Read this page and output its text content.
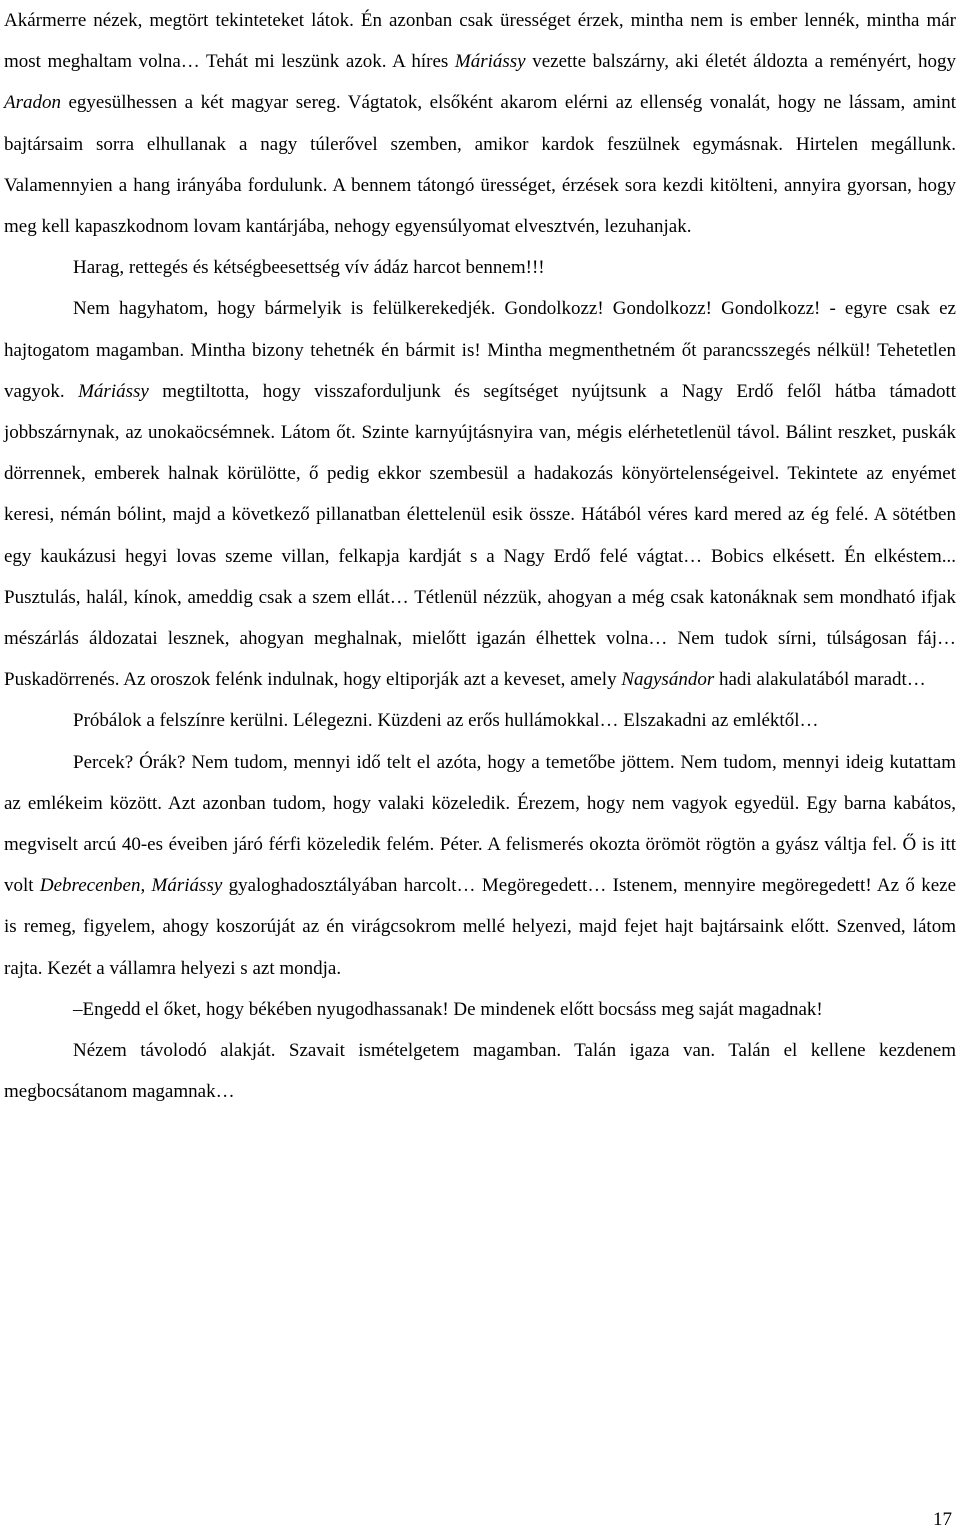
Akármerre nézek, megtört tekinteteket látok. Én azonban csak ürességet érzek, mintha nem is ember lennék, mintha már most meghaltam volna… Tehát mi leszünk azok. A híres Máriássy vezette balszárny, aki életét áldozta a reményért, hogy Aradon egyesülhessen a két magyar sereg. Vágtatok, elsőként akarom elérni az ellenség vonalát, hogy ne lássam, amint bajtársaim sorra elhullanak a nagy túlerővel szemben, amikor kardok feszülnek egymásnak. Hirtelen megállunk. Valamennyien a hang irányába fordulunk. A bennem tátongó ürességet, érzések sora kezdi kitölteni, annyira gyorsan, hogy meg kell kapaszkodnom lovam kantárjába, nehogy egyensúlyomat elvesztvén, lezuhanjak.

Harag, rettegés és kétségbeesettség vív ádáz harcot bennem!!!

Nem hagyhatom, hogy bármelyik is felülkerekedjék. Gondolkozz! Gondolkozz! Gondolkozz! - egyre csak ez hajtogatom magamban. Mintha bizony tehetnék én bármit is! Mintha megmenthetném őt parancsszegés nélkül! Tehetetlen vagyok. Máriássy megtiltotta, hogy visszaforduljunk és segítséget nyújtsunk a Nagy Erdő felől hátba támadott jobbszárnynak, az unokaöcsémnek. Látom őt. Szinte karnyújtásnyira van, mégis elérhetetlenül távol. Bálint reszket, puskák dörrennek, emberek halnak körülötte, ő pedig ekkor szembesül a hadakozás könyörtelenségeivel. Tekintete az enyémet keresi, némán bólint, majd a következő pillanatban élettelenül esik össze. Hátából véres kard mered az ég felé. A sötétben egy kaukázusi hegyi lovas szeme villan, felkapja kardját s a Nagy Erdő felé vágtat… Bobics elkésett. Én elkéstem... Pusztulás, halál, kínok, ameddig csak a szem ellát… Tétlenül nézzük, ahogyan a még csak katonáknak sem mondható ifjak mészárlás áldozatai lesznek, ahogyan meghalnak, mielőtt igazán élhettek volna… Nem tudok sírni, túlságosan fáj… Puskadörrenés. Az oroszok felénk indulnak, hogy eltiporják azt a keveset, amely Nagysándor hadi alakulatából maradt…

Próbálok a felszínre kerülni. Lélegezni. Küzdeni az erős hullámokkal… Elszakadni az emléktől…

Percek? Órák? Nem tudom, mennyi idő telt el azóta, hogy a temetőbe jöttem. Nem tudom, mennyi ideig kutattam az emlékeim között. Azt azonban tudom, hogy valaki közeledik. Érezem, hogy nem vagyok egyedül. Egy barna kabátos, megviselt arcú 40-es éveiben járó férfi közeledik felém. Péter. A felismerés okozta örömöt rögtön a gyász váltja fel. Ő is itt volt Debrecenben, Máriássy gyaloghadosztályában harcolt… Megöregedett… Istenem, mennyire megöregedett! Az ő keze is remeg, figyelem, ahogy koszorúját az én virágcsokrom mellé helyezi, majd fejet hajt bajtársaink előtt. Szenved, látom rajta. Kezét a vállamra helyezi s azt mondja.

–Engedd el őket, hogy békében nyugodhassanak! De mindenek előtt bocsáss meg saját magadnak!

Nézem távolodó alakját. Szavait ismételgetem magamban. Talán igaza van. Talán el kellene kezdenem megbocsátanom magamnak…

17
